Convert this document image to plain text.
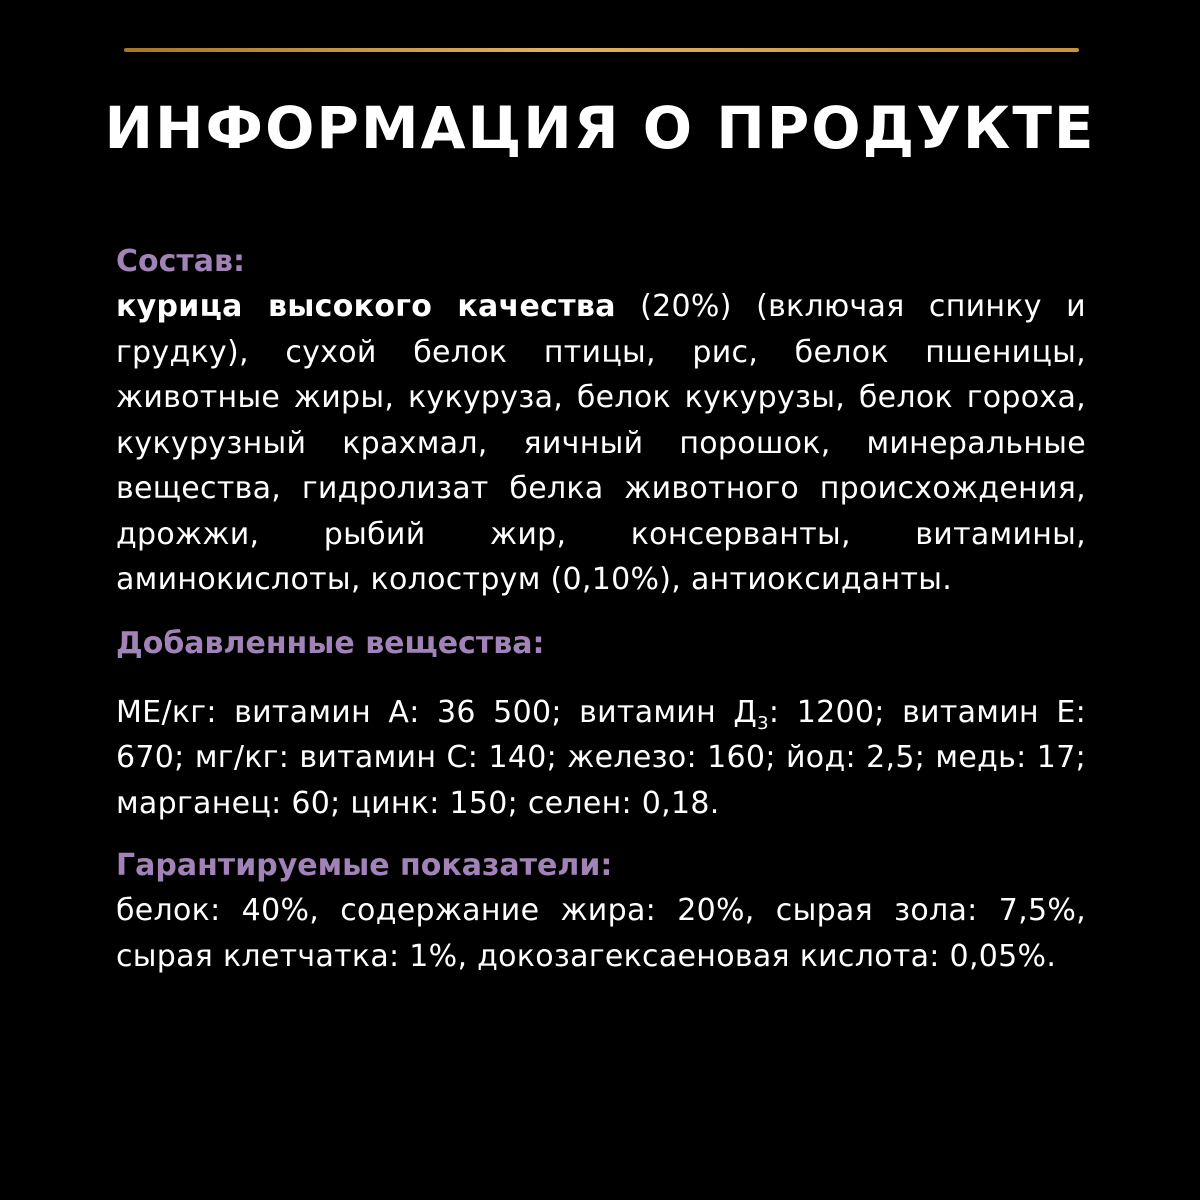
ИНФОРМАЦИЯ О ПРОДУКТЕ

Состав:

курица высокого качества (20%) (включая спинку и грудку), сухой белок птицы, рис, белок пшеницы, животные жиры, кукуруза, белок кукурузы, белок гороха, кукурузный крахмал, яичный порошок, минеральные вещества, гидролизат белка животного происхождения, дрожжи, рыбий жир, консерванты, витамины, аминокислоты, колострум (0,10%), антиоксиданты.

Добавленные вещества:

МЕ/кг: витамин А: 36 500; витамин $Д_3$: 1200; витамин Е: 670; мг/кг: витамин С: 140; железо: 160; йод: 2,5; медь: 17; марганец: 60; цинк: 150; селен: 0,18.

Гарантируемые показатели:

белок: 40%, содержание жира: 20%, сырая зола: 7,5%, сырая клетчатка: 1%, докозагексаеновая кислота: 0,05%.
